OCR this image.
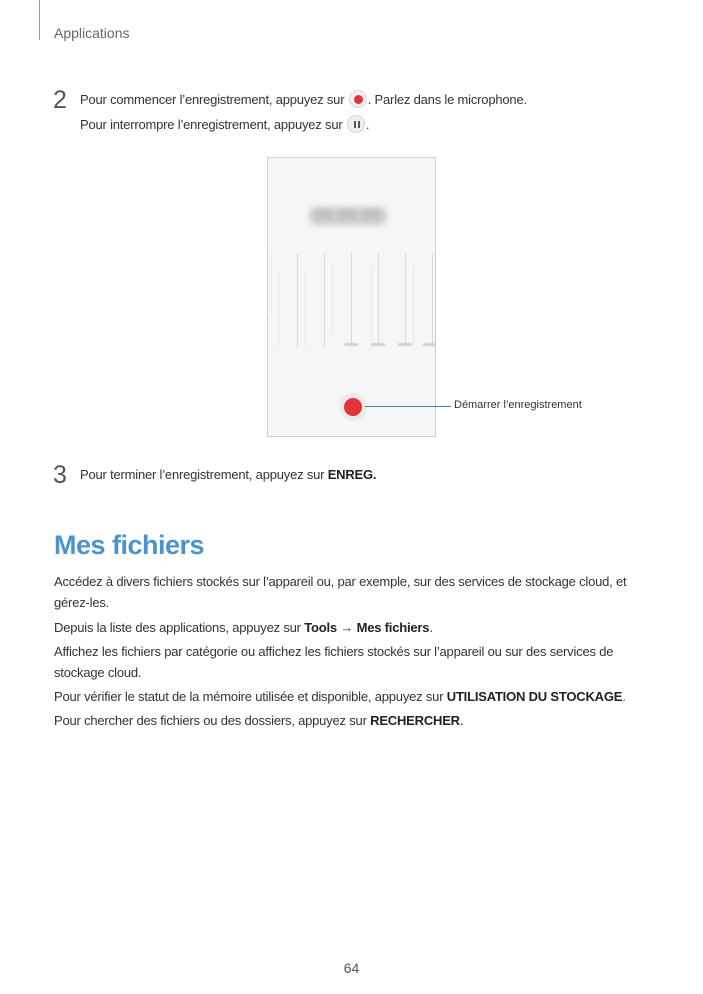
Applications
2 Pour commencer l’enregistrement, appuyez sur . Parlez dans le microphone.
Pour interrompre l’enregistrement, appuyez sur .
00:00:00
Démarrer l’enregistrement
3 Pour terminer l’enregistrement, appuyez sur ENREG.
Mes fichiers
Accédez à divers fichiers stockés sur l’appareil ou, par exemple, sur des services de stockage cloud, et gérez-les.
Depuis la liste des applications, appuyez sur Tools → Mes fichiers.
Affichez les fichiers par catégorie ou affichez les fichiers stockés sur l’appareil ou sur des services de stockage cloud.
Pour vérifier le statut de la mémoire utilisée et disponible, appuyez sur UTILISATION DU STOCKAGE.
Pour chercher des fichiers ou des dossiers, appuyez sur RECHERCHER.
64
